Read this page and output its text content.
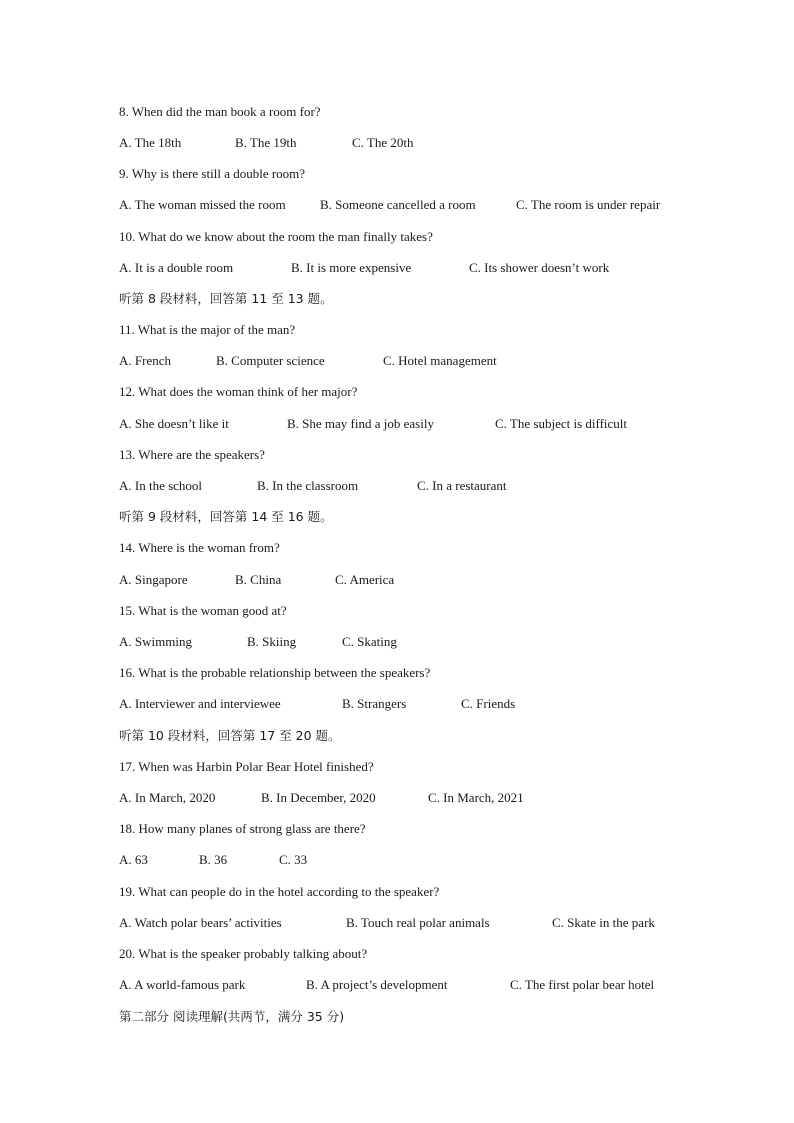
8. When did the man book a room for?
A. The 18th	B. The 19th	C. The 20th
9. Why is there still a double room?
A. The woman missed the room	B. Someone cancelled a room	C. The room is under repair
10. What do we know about the room the man finally takes?
A. It is a double room	B. It is more expensive	C. Its shower doesn’t work
听第 8 段材料，回答第 11 至 13 题。
11. What is the major of the man?
A. French	B. Computer science	C. Hotel management
12. What does the woman think of her major?
A. She doesn’t like it	B. She may find a job easily	C. The subject is difficult
13. Where are the speakers?
A. In the school	B. In the classroom	C. In a restaurant
听第 9 段材料，回答第 14 至 16 题。
14. Where is the woman from?
A. Singapore	B. China	C. America
15. What is the woman good at?
A. Swimming	B. Skiing	C. Skating
16. What is the probable relationship between the speakers?
A. Interviewer and interviewee	B. Strangers	C. Friends
听第 10 段材料，回答第 17 至 20 题。
17. When was Harbin Polar Bear Hotel finished?
A. In March, 2020	B. In December, 2020	C. In March, 2021
18. How many planes of strong glass are there?
A. 63	B. 36	C. 33
19. What can people do in the hotel according to the speaker?
A. Watch polar bears’ activities	B. Touch real polar animals	C. Skate in the park
20. What is the speaker probably talking about?
A. A world-famous park	B. A project’s development	C. The first polar bear hotel
第二部分 阅读理解(共两节，满分 35 分)
